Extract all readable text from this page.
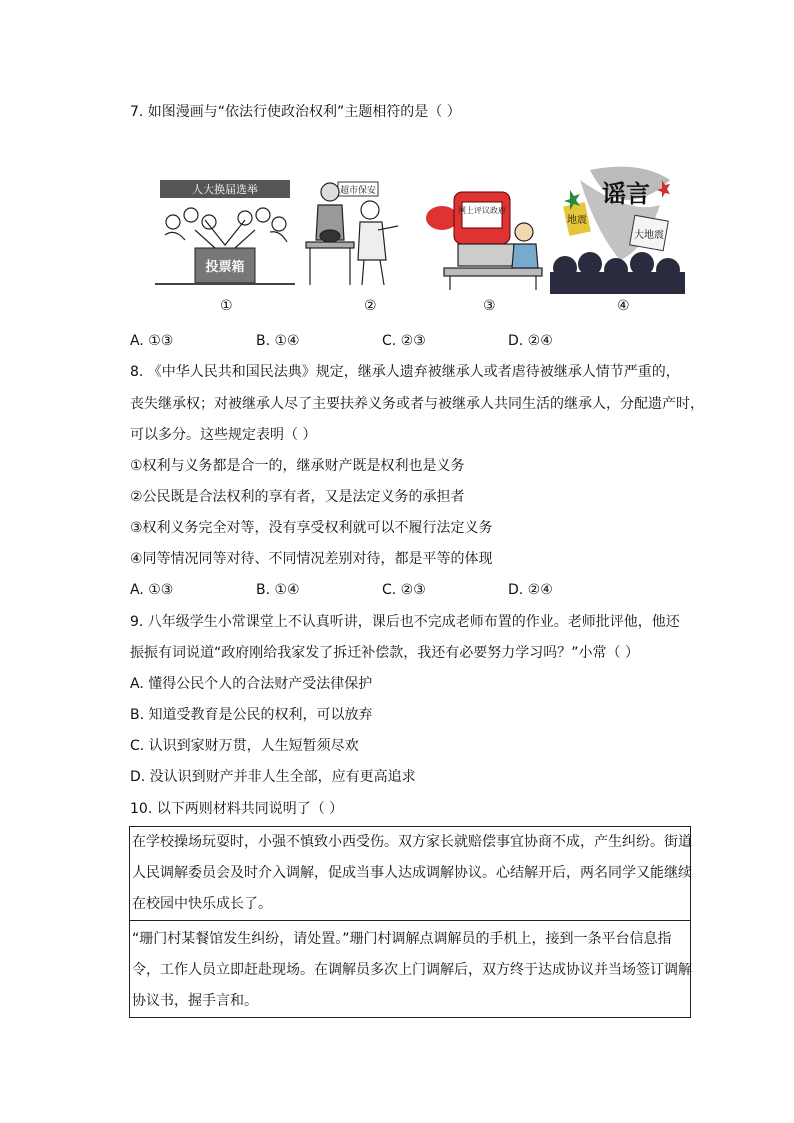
7. 如图漫画与“依法行使政治权利”主题相符的是（ ）
人大换届选举
投票箱
超市保安
网上评议政府
谣言
地震
大地震
①	②	③	④
A. ①③	B. ①④	C. ②③	D. ②④
8. 《中华人民共和国民法典》规定，继承人遗弃被继承人或者虐待被继承人情节严重的，
丧失继承权；对被继承人尽了主要扶养义务或者与被继承人共同生活的继承人，分配遗产时，
可以多分。这些规定表明（ ）
①权利与义务都是合一的，继承财产既是权利也是义务
②公民既是合法权利的享有者，又是法定义务的承担者
③权利义务完全对等，没有享受权利就可以不履行法定义务
④同等情况同等对待、不同情况差别对待，都是平等的体现
A. ①③	B. ①④	C. ②③	D. ②④
9. 八年级学生小常课堂上不认真听讲，课后也不完成老师布置的作业。老师批评他，他还
振振有词说道“政府刚给我家发了拆迁补偿款，我还有必要努力学习吗？”小常（ ）
A. 懂得公民个人的合法财产受法律保护
B. 知道受教育是公民的权利，可以放弃
C. 认识到家财万贯，人生短暂须尽欢
D. 没认识到财产并非人生全部，应有更高追求
10. 以下两则材料共同说明了（ ）
在学校操场玩耍时，小强不慎致小西受伤。双方家长就赔偿事宜协商不成，产生纠纷。街道
人民调解委员会及时介入调解，促成当事人达成调解协议。心结解开后，两名同学又能继续
在校园中快乐成长了。
“珊门村某餐馆发生纠纷，请处置。”珊门村调解点调解员的手机上，接到一条平台信息指
令，工作人员立即赶赴现场。在调解员多次上门调解后，双方终于达成协议并当场签订调解
协议书，握手言和。
